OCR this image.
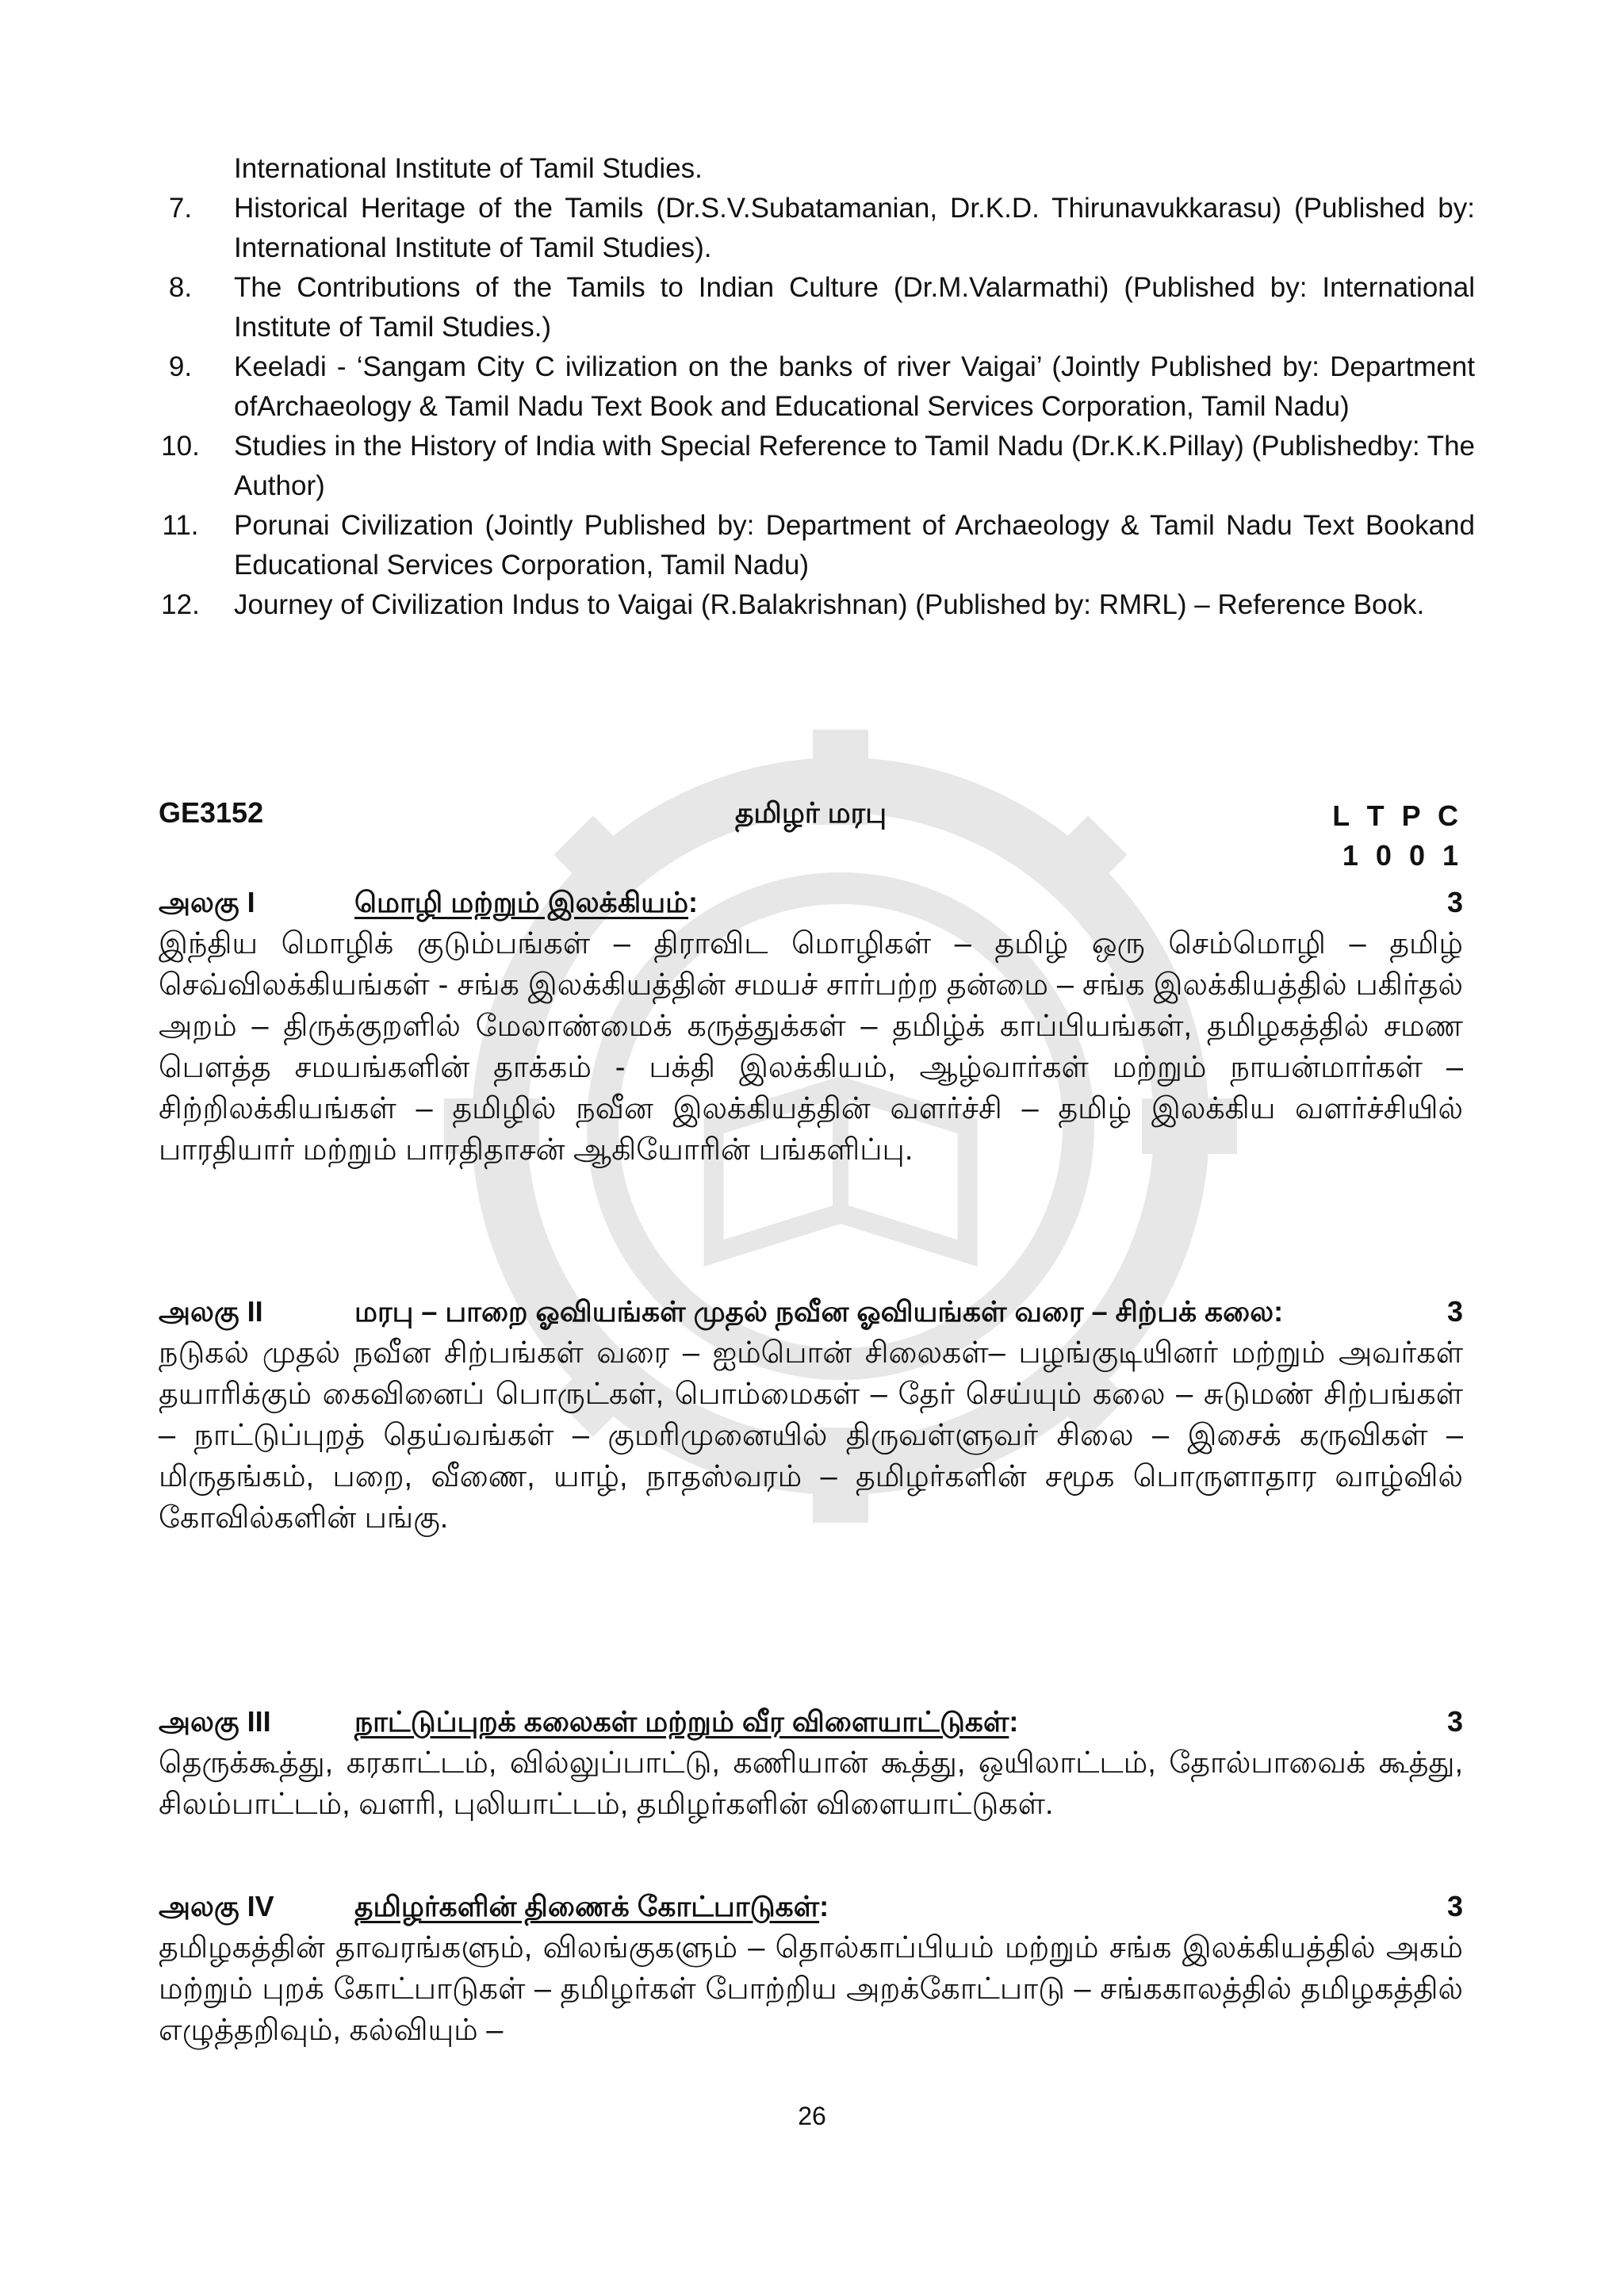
International Institute of Tamil Studies.
7.	Historical Heritage of the Tamils (Dr.S.V.Subatamanian, Dr.K.D. Thirunavukkarasu) (Published by: International Institute of Tamil Studies).
8.	The Contributions of the Tamils to Indian Culture (Dr.M.Valarmathi) (Published by: International Institute of Tamil Studies.)
9.	Keeladi - ‘Sangam City C ivilization on the banks of river Vaigai’ (Jointly Published by: Department ofArchaeology & Tamil Nadu Text Book and Educational Services Corporation, Tamil Nadu)
10.	Studies in the History of India with Special Reference to Tamil Nadu (Dr.K.K.Pillay) (Publishedby: The Author)
11.	Porunai Civilization (Jointly Published by: Department of Archaeology & Tamil Nadu Text Bookand Educational Services Corporation, Tamil Nadu)
12.	Journey of Civilization Indus to Vaigai (R.Balakrishnan) (Published by: RMRL) – Reference Book.
GE3152	தமிழர் மரபு	L T P C
1 0 0 1
அலகு I	மொழி மற்றும் இலக்கியம்:	3
இந்திய மொழிக் குடும்பங்கள் – திராவிட மொழிகள் – தமிழ் ஒரு செம்மொழி – தமிழ் செவ்விலக்கியங்கள் - சங்க இலக்கியத்தின் சமயச் சார்பற்ற தன்மை – சங்க இலக்கியத்தில் பகிர்தல் அறம் – திருக்குறளில் மேலாண்மைக் கருத்துக்கள் – தமிழ்க் காப்பியங்கள், தமிழகத்தில் சமண பௌத்த சமயங்களின் தாக்கம் - பக்தி இலக்கியம், ஆழ்வார்கள் மற்றும் நாயன்மார்கள் – சிற்றிலக்கியங்கள் – தமிழில் நவீன இலக்கியத்தின் வளர்ச்சி – தமிழ் இலக்கிய வளர்ச்சியில் பாரதியார் மற்றும் பாரதிதாசன் ஆகியோரின் பங்களிப்பு.
அலகு II	மரபு – பாறை ஓவியங்கள் முதல் நவீன ஓவியங்கள் வரை – சிற்பக் கலை:	3
நடுகல் முதல் நவீன சிற்பங்கள் வரை – ஐம்பொன் சிலைகள்– பழங்குடியினர் மற்றும் அவர்கள் தயாரிக்கும் கைவினைப் பொருட்கள், பொம்மைகள் – தேர் செய்யும் கலை – சுடுமண் சிற்பங்கள் – நாட்டுப்புறத் தெய்வங்கள் – குமரிமுனையில் திருவள்ளுவர் சிலை – இசைக் கருவிகள் – மிருதங்கம், பறை, வீணை, யாழ், நாதஸ்வரம் – தமிழர்களின் சமூக பொருளாதார வாழ்வில் கோவில்களின் பங்கு.
அலகு III	நாட்டுப்புறக் கலைகள் மற்றும் வீர விளையாட்டுகள்:	3
தெருக்கூத்து, கரகாட்டம், வில்லுப்பாட்டு, கணியான் கூத்து, ஒயிலாட்டம், தோல்பாவைக் கூத்து, சிலம்பாட்டம், வளரி, புலியாட்டம், தமிழர்களின் விளையாட்டுகள்.
அலகு IV	தமிழர்களின் திணைக் கோட்பாடுகள்:	3
தமிழகத்தின் தாவரங்களும், விலங்குகளும் – தொல்காப்பியம் மற்றும் சங்க இலக்கியத்தில் அகம் மற்றும் புறக் கோட்பாடுகள் – தமிழர்கள் போற்றிய அறக்கோட்பாடு – சங்ககாலத்தில் தமிழகத்தில் எழுத்தறிவும், கல்வியும் –
26
